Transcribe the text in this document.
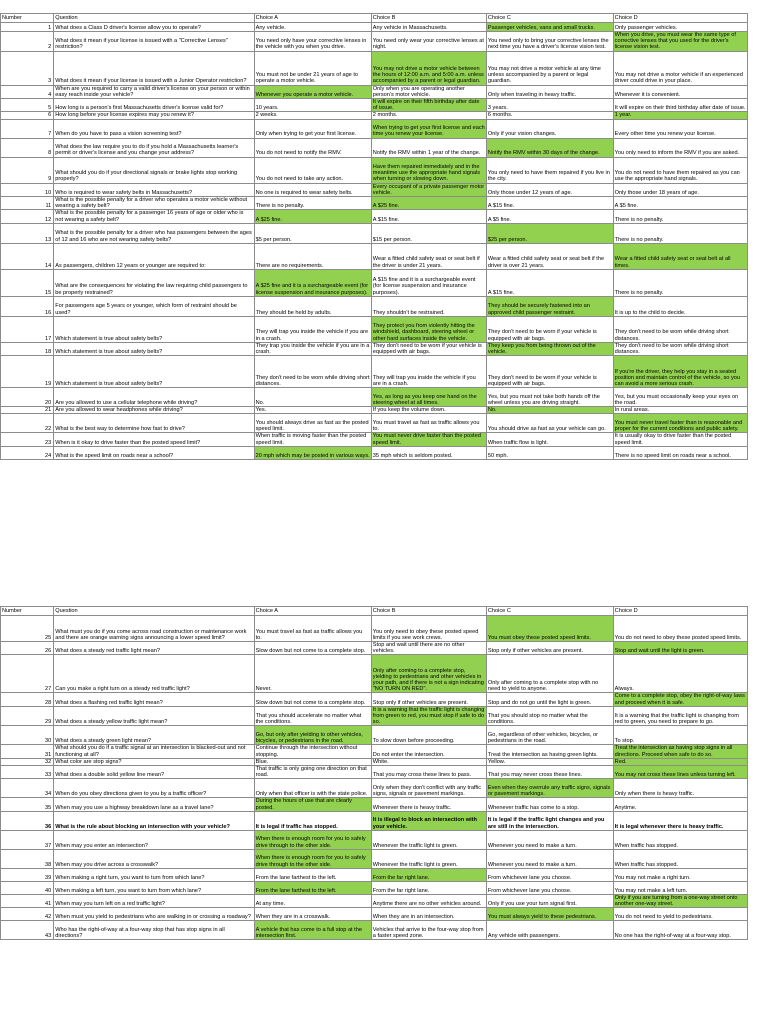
Number	Question	Choice A	Choice B	Choice C	Choice D
1	What does a Class D driver's license allow you to operate?	Any vehicle.	Any vehicle in Massachusetts.	Passenger vehicles, vans and small trucks.	Only passenger vehicles.
2	What does it mean if your license is issued with a "Corrective Lenses" restriction?	You need only have your corrective lenses in the vehicle with you when you drive.	You need only wear your corrective lenses at night.	You need only to bring your corrective lenses the next time you have a driver's license vision test.	When you drive, you must wear the same type of corrective lenses that you used for the driver's license vision test.
3	What does it mean if your license is issued with a Junior Operator restriction?	You must not be under 21 years of age to operate a motor vehicle.	You may not drive a motor vehicle between the hours of 12:00 a.m. and 5:00 a.m. unless accompanied by a parent or legal guardian.	You may not drive a motor vehicle at any time unless accompanied by a parent or legal guardian.	You may not drive a motor vehicle if an experienced driver could drive in your place.
4	When are you required to carry a valid driver's license on your person or within easy reach inside your vehicle?	Whenever you operate a motor vehicle.	Only when you are operating another person's motor vehicle.	Only when traveling in heavy traffic.	Whenever it is convenient.
5	How long is a person's first Massachusetts driver's license valid for?	10 years.	It will expire on their fifth birthday after date of issue.	3 years.	It will expire on their third birthday after date of issue.
6	How long before your license expires may you renew it?	2 weeks.	2 months.	6 months.	1 year.
7	When do you have to pass a vision screening test?	Only when trying to get your first license.	When trying to get your first license and each time you renew your license.	Only if your vision changes.	Every other time you renew your license.
8	What does the law require you to do if you hold a Massachusetts learner's permit or driver's license and you change your address?	You do not need to notify the RMV.	Notify the RMV within 1 year of the change.	Notify the RMV within 30 days of the change.	You only need to inform the RMV if you are asked.
9	What should you do if your directional signals or brake lights stop working properly?	You do not need to take any action.	Have them repaired immediately and in the meantime use the appropriate hand signals when turning or slowing down.	You only need to have them repaired if you live in the city.	You do not need to have them repaired as you can use the appropriate hand signals.
10	Who is required to wear safety belts in Massachusetts?	No one is required to wear safety belts.	Every occupant of a private passenger motor vehicle.	Only those under 12 years of age.	Only those under 18 years of age.
11	What is the possible penalty for a driver who operates a motor vehicle without wearing a safety belt?	There is no penalty.	A $25 fine.	A $15 fine.	A $5 fine.
12	What is the possible penalty for a passenger 16 years of age or older who is not wearing a safety belt?	A $25 fine.	A $15 fine.	A $5 fine.	There is no penalty.
13	What is the possible penalty for a driver who has passengers between the ages of 12 and 16 who are not wearing safety belts?	$5 per person.	$15 per person.	$25 per person.	There is no penalty.
14	As passengers, children 12 years or younger are required to:	There are no requirements.	Wear a fitted child safety seat or seat belt if the driver is under 21 years.	Wear a fitted child safety seat or seat belt if the driver is over 21 years.	Wear a fitted child safety seat or seat belt at all times.
15	What are the consequences for violating the law requiring child passengers to be properly restrained?	A $25 fine and it is a surchargeable event (for license suspension and insurance purposes).	A $15 fine and it is a surchargeable event (for license suspension and insurance purposes).	A $15 fine.	There is no penalty.
16	For passengers age 5 years or younger, which form of restraint should be used?	They should be held by adults.	They shouldn't be restrained.	They should be securely fastened into an approved child passenger restraint.	It is up to the child to decide.
17	Which statement is true about safety belts?	They will trap you inside the vehicle if you are in a crash.	They protect you from violently hitting the windshield, dashboard, steering wheel or other hard surfaces inside the vehicle.	They don't need to be worn if your vehicle is equipped with air bags.	They don't need to be worn while driving short distances.
18	Which statement is true about safety belts?	They trap you inside the vehicle if you are in a crash.	They don't need to be worn if your vehicle is equipped with air bags.	They keep you from being thrown out of the vehicle.	They don't need to be worn while driving short distances.
19	Which statement is true about safety belts?	They don't need to be worn while driving short distances.	They will trap you inside the vehicle if you are in a crash.	They don't need to be worn if your vehicle is equipped with air bags.	If you're the driver, they help you stay in a seated position and maintain control of the vehicle, so you can avoid a more serious crash.
20	Are you allowed to use a cellular telephone while driving?	No.	Yes, as long as you keep one hand on the steering wheel at all times.	Yes, but you must not take both hands off the wheel unless you are driving straight.	Yes, but you must occasionally keep your eyes on the road.
21	Are you allowed to wear headphones while driving?	Yes.	If you keep the volume down.	No.	In rural areas.
22	What is the best way to determine how fast to drive?	You should always drive as fast as the posted speed limit.	You must travel as fast as traffic allows you to.	You should drive as fast as your vehicle can go.	You must never travel faster than is reasonable and proper for the current conditions and public safety.
23	When is it okay to drive faster than the posted speed limit?	When traffic is moving faster than the posted speed limit.	You must never drive faster than the posted speed limit.	When traffic flow is light.	It is usually okay to drive faster than the posted speed limit.
24	What is the speed limit on roads near a school?	20 mph which may be posted in various ways.	35 mph which is seldom posted.	50 mph.	There is no speed limit on roads near a school.
Number	Question	Choice A	Choice B	Choice C	Choice D
25	What must you do if you come across road construction or maintenance work and there are orange warning signs announcing a lower speed limit?	You must travel as fast as traffic allows you to.	You only need to obey these posted speed limits if you see work crews.	You must obey these posted speed limits.	You do not need to obey these posted speed limits.
26	What does a steady red traffic light mean?	Slow down but not come to a complete stop.	Stop and wait until there are no other vehicles.	Stop only if other vehicles are present.	Stop and wait until the light is green.
27	Can you make a right turn on a steady red traffic light?	Never.	Only after coming to a complete stop, yielding to pedestrians and other vehicles in your path, and if there is not a sign indicating "NO TURN ON RED".	Only after coming to a complete stop with no need to yield to anyone.	Always.
28	What does a flashing red traffic light mean?	Slow down but not come to a complete stop.	Stop only if other vehicles are present.	Stop and do not go until the light is green.	Come to a complete stop, obey the right-of-way laws and proceed when it is safe.
29	What does a steady yellow traffic light mean?	That you should accelerate no matter what the conditions.	It is a warning that the traffic light is changing from green to red, you must stop if safe to do so.	That you should stop no matter what the conditions.	It is a warning that the traffic light is changing from red to green, you need to prepare to go.
30	What does a steady green light mean?	Go, but only after yielding to other vehicles, bicycles, or pedestrians in the road.	To slow down before proceeding.	Go, regardless of other vehicles, bicycles, or pedestrians in the road.	To stop.
31	What should you do if a traffic signal at an intersection is blacked-out and not functioning at all?	Continue through the intersection without stopping.	Do not enter the intersection.	Treat the intersection as having green lights.	Treat the intersection as having stop signs in all directions. Proceed when safe to do so.
32	What color are stop signs?	Blue.	White.	Yellow.	Red.
33	What does a double solid yellow line mean?	That traffic is only going one direction on that road.	That you may cross these lines to pass.	That you may never cross these lines.	You may not cross these lines unless turning left.
34	When do you obey directions given to you by a traffic officer?	Only when that officer is with the state police.	Only when they don't conflict with any traffic signs, signals or pavement markings.	Even when they overrule any traffic signs, signals or pavement markings.	Only when there is heavy traffic.
35	When may you use a highway breakdown lane as a travel lane?	During the hours of use that are clearly posted.	Whenever there is heavy traffic.	Whenever traffic has come to a stop.	Anytime.
36	What is the rule about blocking an intersection with your vehicle?	It is legal if traffic has stopped.	It is illegal to block an intersection with your vehicle.	It is legal if the traffic light changes and you are still in the intersection.	It is legal whenever there is heavy traffic.
37	When may you enter an intersection?	When there is enough room for you to safely drive through to the other side.	Whenever the traffic light is green.	Whenever you need to make a turn.	When traffic has stopped.
38	When may you drive across a crosswalk?	When there is enough room for you to safely drive through to the other side.	Whenever the traffic light is green.	Whenever you need to make a turn.	When traffic has stopped.
39	When making a right turn, you want to turn from which lane?	From the lane farthest to the left.	From the far right lane.	From whichever lane you choose.	You may not make a right turn.
40	When making a left turn, you want to turn from which lane?	From the lane farthest to the left.	From the far right lane.	From whichever lane you choose.	You may not make a left turn.
41	When may you turn left on a red traffic light?	At any time.	Anytime there are no other vehicles around.	Only if you use your turn signal first.	Only if you are turning from a one-way street onto another one-way street.
42	When must you yield to pedestrians who are walking in or crossing a roadway?	When they are in a crosswalk.	When they are in an intersection.	You must always yield to these pedestrians.	You do not need to yield to pedestrians.
43	Who has the right-of-way at a four-way stop that has stop signs in all directions?	A vehicle that has come to a full stop at the intersection first.	Vehicles that arrive to the four-way stop from a faster speed zone.	Any vehicle with passengers.	No one has the right-of-way at a four-way stop.
